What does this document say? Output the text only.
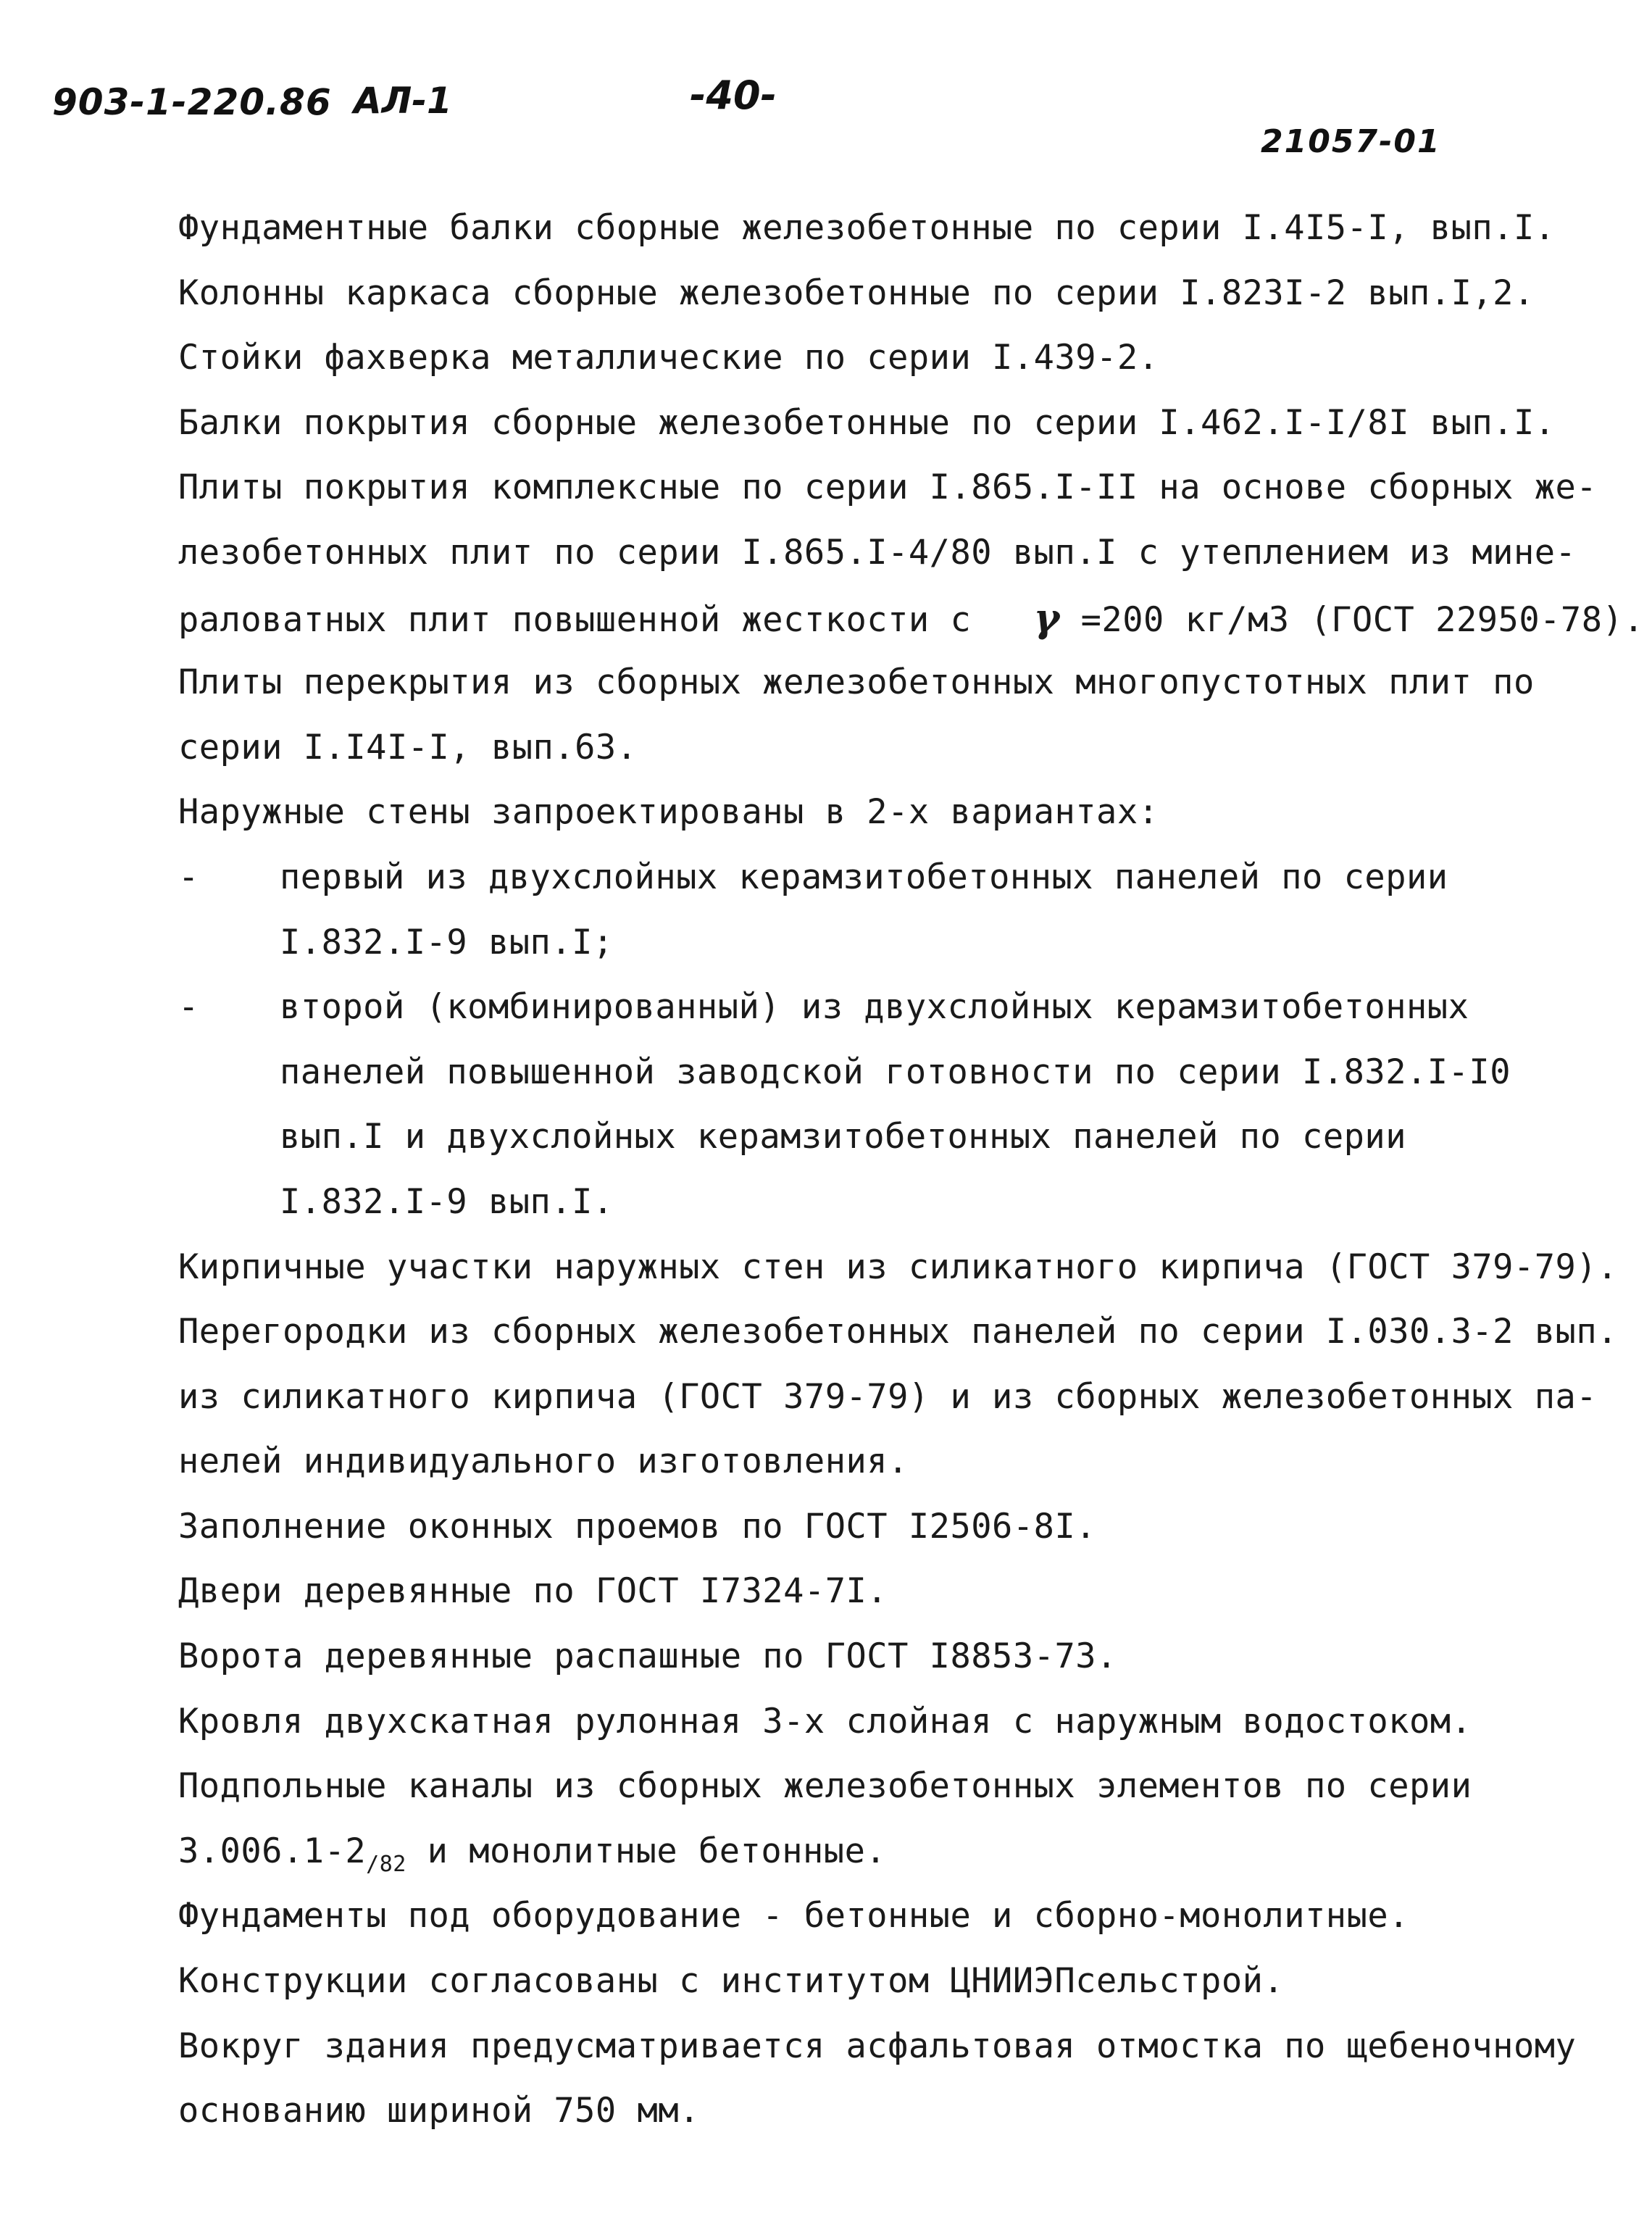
903-1-220.86 АЛ-1	-40-
21057-01
Фундаментные балки сборные железобетонные по серии I.4I5-I, вып.I.
Колонны каркаса сборные железобетонные по серии I.823I-2 вып.I,2.
Стойки фахверка металлические по серии I.439-2.
Балки покрытия сборные железобетонные по серии I.462.I-I/8I вып.I.
Плиты покрытия комплексные по серии I.865.I-II на основе сборных же-
лезобетонных плит по серии I.865.I-4/80 вып.I с утеплением из мине-
раловатных плит повышенной жесткости с γ =200 кг/м3 (ГОСТ 22950-78).
Плиты перекрытия из сборных железобетонных многопустотных плит по
серии I.I4I-I, вып.63.
Наружные стены запроектированы в 2-х вариантах:
- первый из двухслойных керамзитобетонных панелей по серии
I.832.I-9 вып.I;
- второй (комбинированный) из двухслойных керамзитобетонных
панелей повышенной заводской готовности по серии I.832.I-I0
вып.I и двухслойных керамзитобетонных панелей по серии
I.832.I-9 вып.I.
Кирпичные участки наружных стен из силикатного кирпича (ГОСТ 379-79).
Перегородки из сборных железобетонных панелей по серии I.030.3-2 вып.
из силикатного кирпича (ГОСТ 379-79) и из сборных железобетонных па-
нелей индивидуального изготовления.
Заполнение оконных проемов по ГОСТ I2506-8I.
Двери деревянные по ГОСТ I7324-7I.
Ворота деревянные распашные по ГОСТ I8853-73.
Кровля двухскатная рулонная 3-х слойная с наружным водостоком.
Подпольные каналы из сборных железобетонных элементов по серии
$3.006.1-2_{/82}$ и монолитные бетонные.
Фундаменты под оборудование - бетонные и сборно-монолитные.
Конструкции согласованы с институтом ЦНИИЭПсельстрой.
Вокруг здания предусматривается асфальтовая отмостка по щебеночному
основанию шириной 750 мм.
